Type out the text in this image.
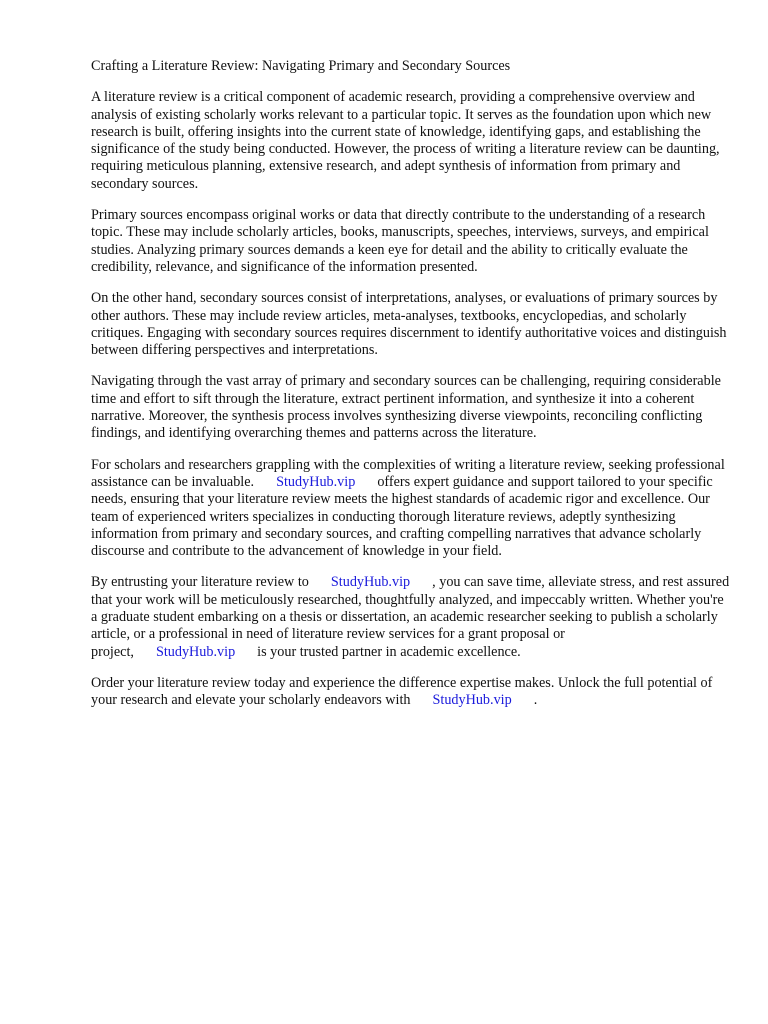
Crafting a Literature Review: Navigating Primary and Secondary Sources

A literature review is a critical component of academic research, providing a comprehensive overview and analysis of existing scholarly works relevant to a particular topic. It serves as the foundation upon which new research is built, offering insights into the current state of knowledge, identifying gaps, and establishing the significance of the study being conducted. However, the process of writing a literature review can be daunting, requiring meticulous planning, extensive research, and adept synthesis of information from primary and secondary sources.

Primary sources encompass original works or data that directly contribute to the understanding of a research topic. These may include scholarly articles, books, manuscripts, speeches, interviews, surveys, and empirical studies. Analyzing primary sources demands a keen eye for detail and the ability to critically evaluate the credibility, relevance, and significance of the information presented.

On the other hand, secondary sources consist of interpretations, analyses, or evaluations of primary sources by other authors. These may include review articles, meta-analyses, textbooks, encyclopedias, and scholarly critiques. Engaging with secondary sources requires discernment to identify authoritative voices and distinguish between differing perspectives and interpretations.

Navigating through the vast array of primary and secondary sources can be challenging, requiring considerable time and effort to sift through the literature, extract pertinent information, and synthesize it into a coherent narrative. Moreover, the synthesis process involves synthesizing diverse viewpoints, reconciling conflicting findings, and identifying overarching themes and patterns across the literature.

For scholars and researchers grappling with the complexities of writing a literature review, seeking professional assistance can be invaluable. StudyHub.vip offers expert guidance and support tailored to your specific needs, ensuring that your literature review meets the highest standards of academic rigor and excellence. Our team of experienced writers specializes in conducting thorough literature reviews, adeptly synthesizing information from primary and secondary sources, and crafting compelling narratives that advance scholarly discourse and contribute to the advancement of knowledge in your field.

By entrusting your literature review to StudyHub.vip , you can save time, alleviate stress, and rest assured that your work will be meticulously researched, thoughtfully analyzed, and impeccably written. Whether you're a graduate student embarking on a thesis or dissertation, an academic researcher seeking to publish a scholarly article, or a professional in need of literature review services for a grant proposal or project, StudyHub.vip is your trusted partner in academic excellence.

Order your literature review today and experience the difference expertise makes. Unlock the full potential of your research and elevate your scholarly endeavors with StudyHub.vip .
